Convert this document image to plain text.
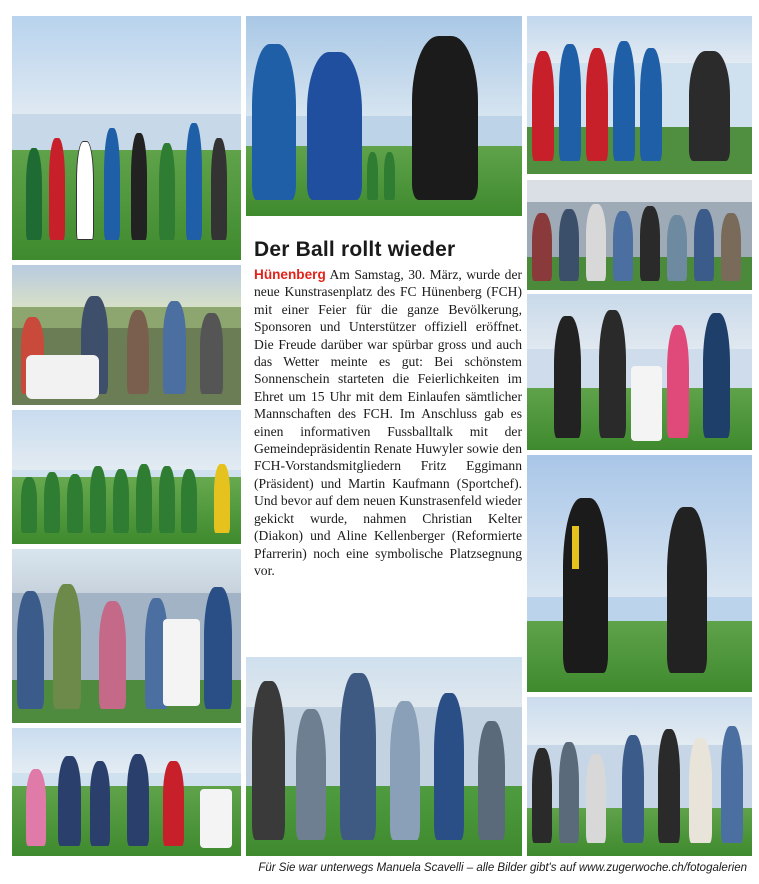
Der Ball rollt wieder
Hünenberg Am Samstag, 30. März, wurde der neue Kunstrasenplatz des FC Hünenberg (FCH) mit einer Feier für die ganze Bevölkerung, Sponsoren und Unterstützer offiziell eröffnet. Die Freude darüber war spürbar gross und auch das Wetter meinte es gut: Bei schönstem Sonnenschein starteten die Feierlichkeiten im Ehret um 15 Uhr mit dem Einlaufen sämtlicher Mannschaften des FCH. Im Anschluss gab es einen informativen Fussballtalk mit der Gemeindepräsidentin Renate Huwyler sowie den FCH-Vorstandsmitgliedern Fritz Eggimann (Präsident) und Martin Kaufmann (Sportchef). Und bevor auf dem neuen Kunstrasenfeld wieder gekickt wurde, nahmen Christian Kelter (Diakon) und Aline Kellenberger (Reformierte Pfarrerin) noch eine symbolische Platzsegnung vor.
Für Sie war unterwegs Manuela Scavelli – alle Bilder gibt's auf www.zugerwoche.ch/fotogalerien
